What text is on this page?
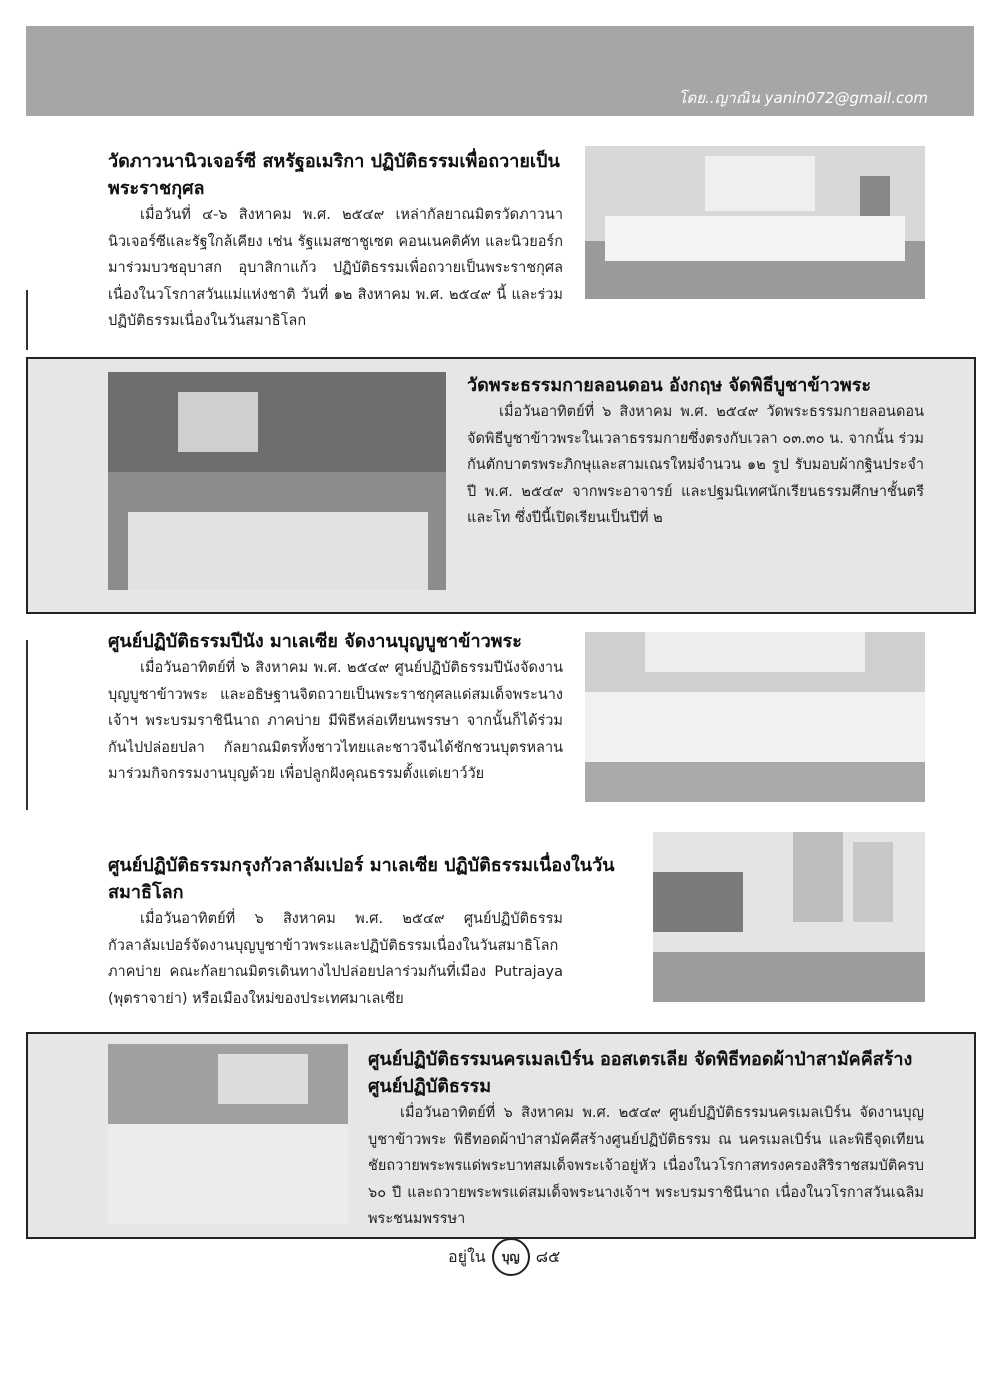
โดย..ญาณิน yanin072@gmail.com
วัดภาวนานิวเจอร์ซี สหรัฐอเมริกา ปฏิบัติธรรมเพื่อถวายเป็นพระราชกุศล

เมื่อวันที่ ๔-๖ สิงหาคม พ.ศ. ๒๕๔๙ เหล่ากัลยาณมิตรวัดภาวนานิวเจอร์ซีและรัฐใกล้เคียง เช่น รัฐแมสซาชูเซต คอนเนคติคัท และนิวยอร์ก มาร่วมบวชอุบาสก อุบาสิกาแก้ว ปฏิบัติธรรมเพื่อถวายเป็นพระราชกุศล เนื่องในวโรกาสวันแม่แห่งชาติ วันที่ ๑๒ สิงหาคม พ.ศ. ๒๕๔๙ นี้ และร่วมปฏิบัติธรรมเนื่องในวันสมาธิโลก

วัดพระธรรมกายลอนดอน อังกฤษ จัดพิธีบูชาข้าวพระ

เมื่อวันอาทิตย์ที่ ๖ สิงหาคม พ.ศ. ๒๕๔๙ วัดพระธรรมกายลอนดอน จัดพิธีบูชาข้าวพระในเวลาธรรมกายซึ่งตรงกับเวลา ๐๓.๓๐ น. จากนั้น ร่วมกันตักบาตรพระภิกษุและสามเณรใหม่จำนวน ๑๒ รูป รับมอบผ้ากฐินประจำปี พ.ศ. ๒๕๔๙ จากพระอาจารย์ และปฐมนิเทศนักเรียนธรรมศึกษาชั้นตรีและโท ซึ่งปีนี้เปิดเรียนเป็นปีที่ ๒

ศูนย์ปฏิบัติธรรมปีนัง มาเลเซีย จัดงานบุญบูชาข้าวพระ

เมื่อวันอาทิตย์ที่ ๖ สิงหาคม พ.ศ. ๒๕๔๙ ศูนย์ปฏิบัติธรรมปีนังจัดงานบุญบูชาข้าวพระ และอธิษฐานจิตถวายเป็นพระราชกุศลแด่สมเด็จพระนางเจ้าฯ พระบรมราชินีนาถ ภาคบ่าย มีพิธีหล่อเทียนพรรษา จากนั้นก็ได้ร่วมกันไปปล่อยปลา กัลยาณมิตรทั้งชาวไทยและชาวจีนได้ชักชวนบุตรหลานมาร่วมกิจกรรมงานบุญด้วย เพื่อปลูกฝังคุณธรรมตั้งแต่เยาว์วัย

ศูนย์ปฏิบัติธรรมกรุงกัวลาลัมเปอร์ มาเลเซีย ปฏิบัติธรรมเนื่องในวันสมาธิโลก

เมื่อวันอาทิตย์ที่ ๖ สิงหาคม พ.ศ. ๒๕๔๙ ศูนย์ปฏิบัติธรรมกัวลาลัมเปอร์จัดงานบุญบูชาข้าวพระและปฏิบัติธรรมเนื่องในวันสมาธิโลก ภาคบ่าย คณะกัลยาณมิตรเดินทางไปปล่อยปลาร่วมกันที่เมือง Putrajaya (พุตราจาย่า) หรือเมืองใหม่ของประเทศมาเลเซีย

ศูนย์ปฏิบัติธรรมนครเมลเบิร์น ออสเตรเลีย จัดพิธีทอดผ้าป่าสามัคคีสร้างศูนย์ปฏิบัติธรรม

เมื่อวันอาทิตย์ที่ ๖ สิงหาคม พ.ศ. ๒๕๔๙ ศูนย์ปฏิบัติธรรมนครเมลเบิร์น จัดงานบุญบูชาข้าวพระ พิธีทอดผ้าป่าสามัคคีสร้างศูนย์ปฏิบัติธรรม ณ นครเมลเบิร์น และพิธีจุดเทียนชัยถวายพระพรแด่พระบาทสมเด็จพระเจ้าอยู่หัว เนื่องในวโรกาสทรงครองสิริราชสมบัติครบ ๖๐ ปี และถวายพระพรแด่สมเด็จพระนางเจ้าฯ พระบรมราชินีนาถ เนื่องในวโรกาสวันเฉลิมพระชนมพรรษา

อยู่ใน	บุญ	๘๕
